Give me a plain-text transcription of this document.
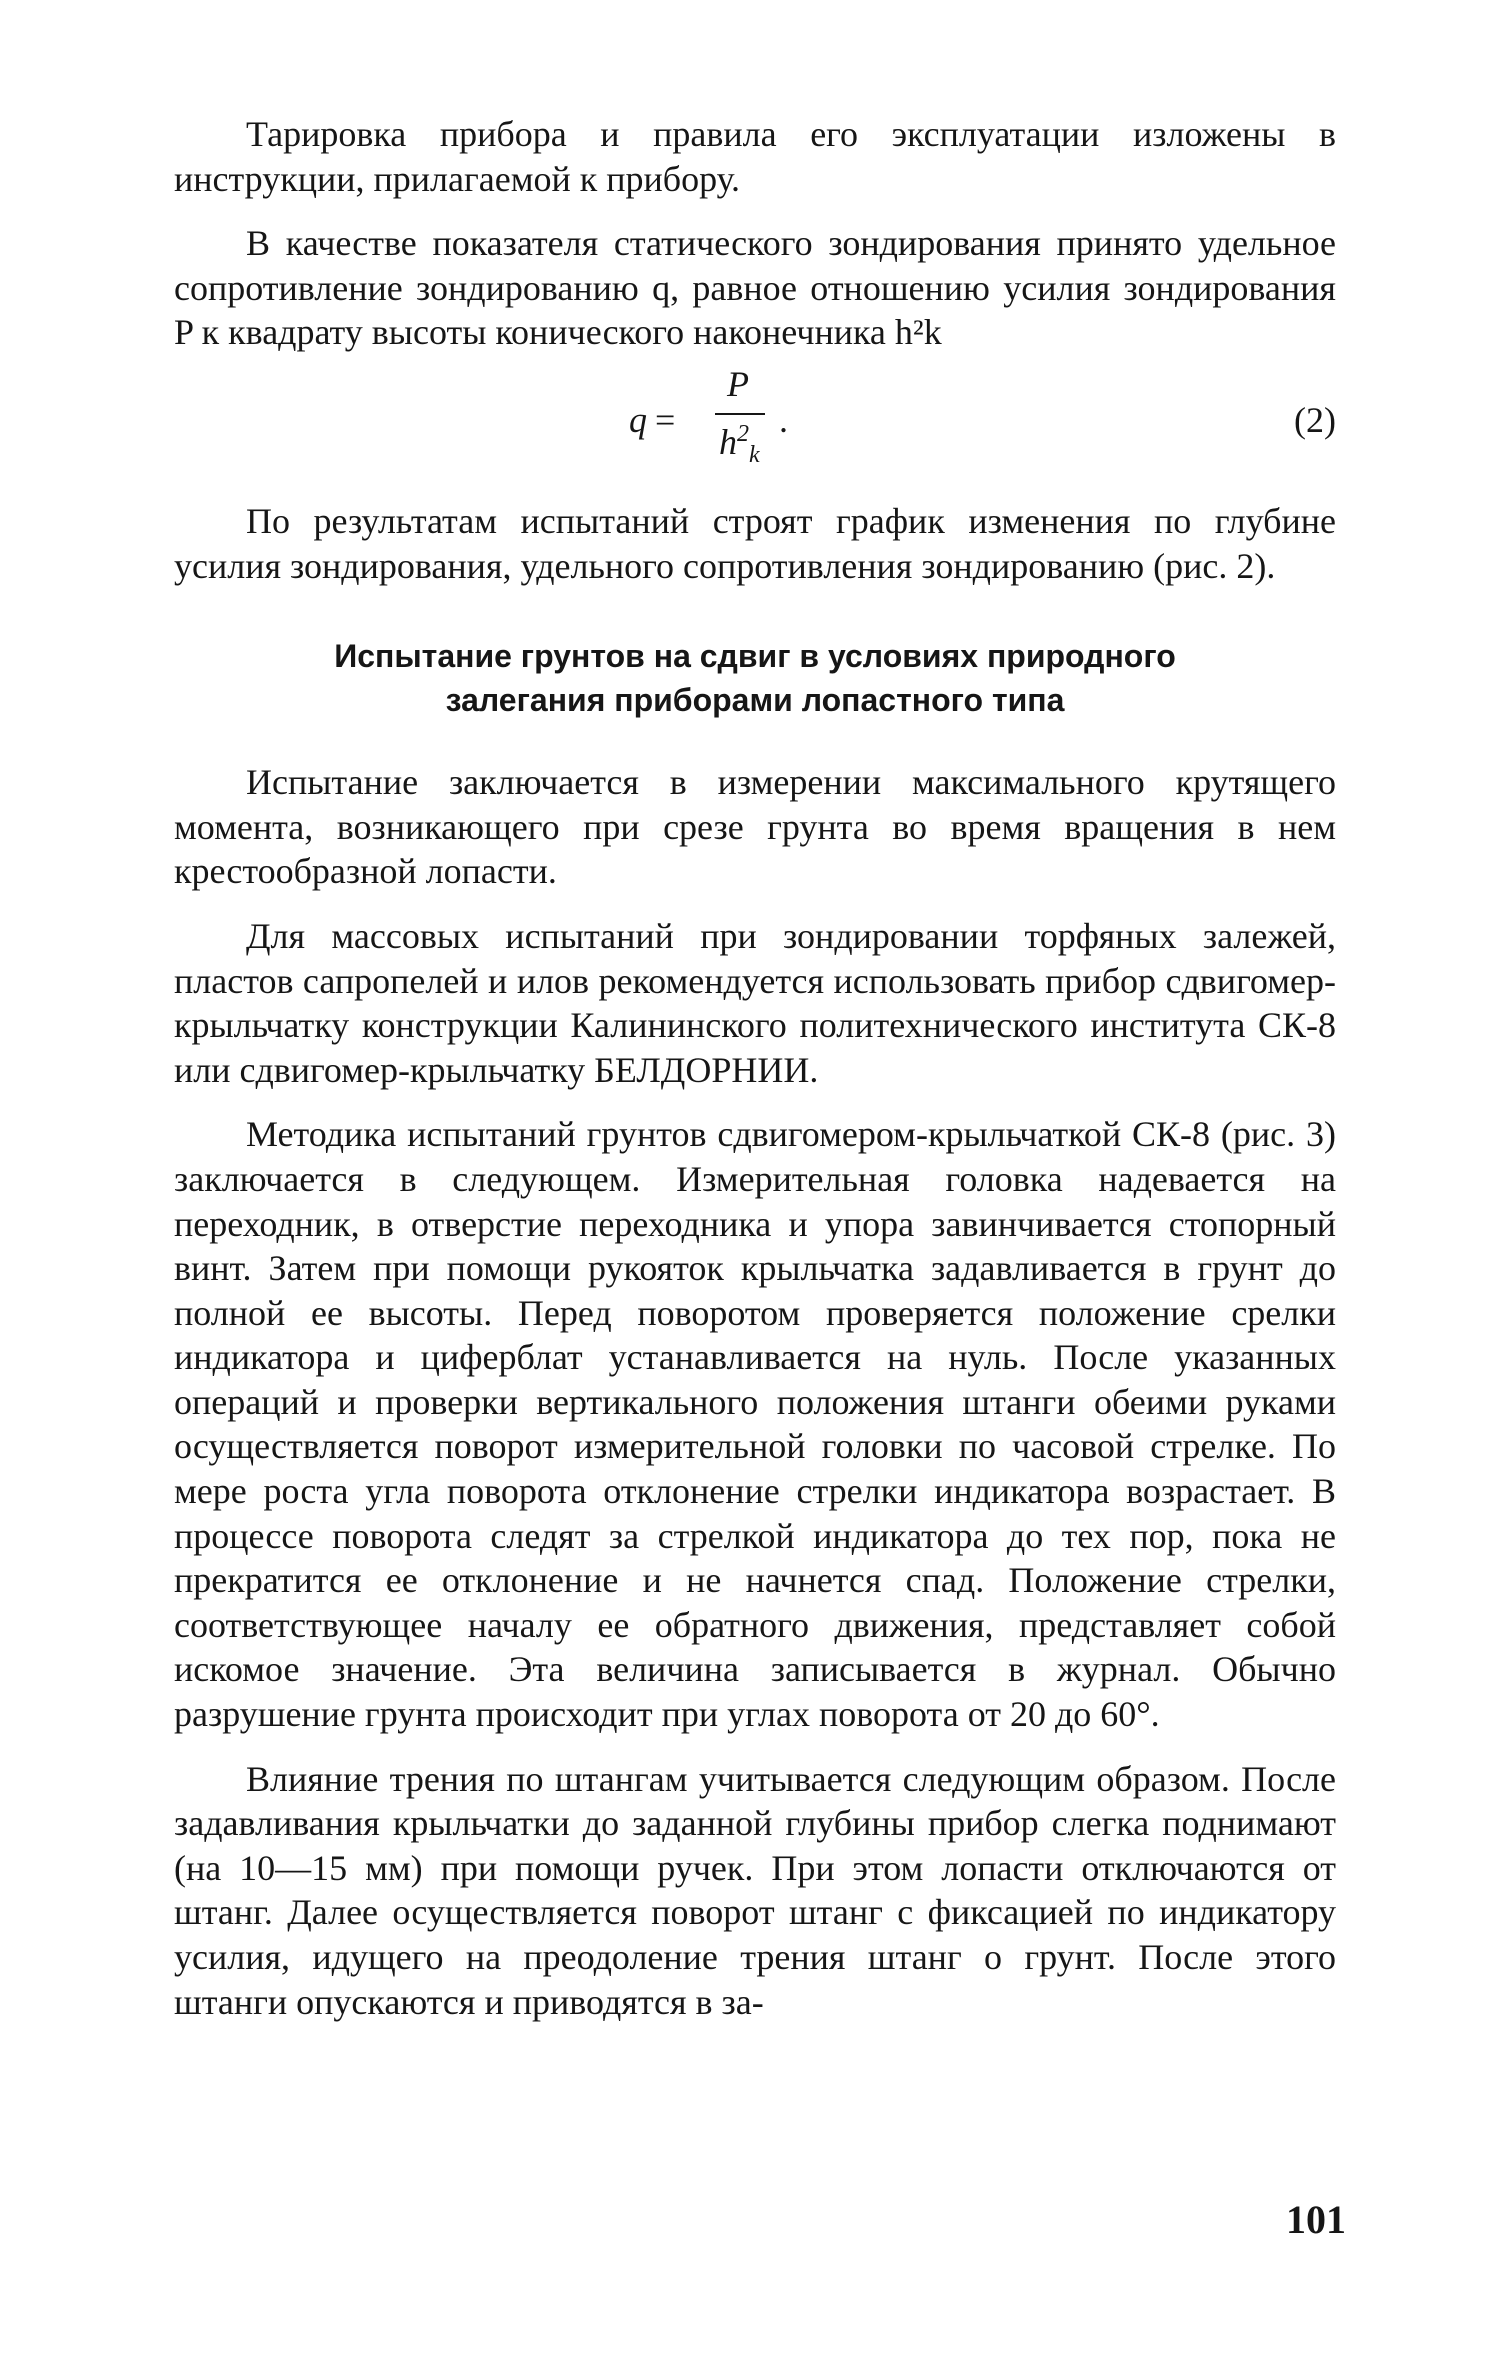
Тарировка прибора и правила его эксплуатации изложены в инструкции, прилагаемой к прибору.

В качестве показателя статического зондирования принято удельное сопротивление зондированию q, равное отношению усилия зондирования P к квадрату высоты конического наконечника h²k

q =
P
$h^2_k$
.	(2)

По результатам испытаний строят график изменения по глубине усилия зондирования, удельного сопротивления зондированию (рис. 2).

Испытание грунтов на сдвиг в условиях природного
залегания приборами лопастного типа

Испытание заключается в измерении максимального крутящего момента, возникающего при срезе грунта во время вращения в нем крестообразной лопасти.

Для массовых испытаний при зондировании торфяных залежей, пластов сапропелей и илов рекомендуется использовать прибор сдвигомер-крыльчатку конструкции Калининского политехнического института СК-8 или сдвигомер-крыльчатку БЕЛДОРНИИ.

Методика испытаний грунтов сдвигомером-крыльчаткой СК-8 (рис. 3) заключается в следующем. Измерительная головка надевается на переходник, в отверстие переходника и упора завинчивается стопорный винт. Затем при помощи рукояток крыльчатка задавливается в грунт до полной ее высоты. Перед поворотом проверяется положение срелки индикатора и циферблат устанавливается на нуль. После указанных операций и проверки вертикального положения штанги обеими руками осуществляется поворот измерительной головки по часовой стрелке. По мере роста угла поворота отклонение стрелки индикатора возрастает. В процессе поворота следят за стрелкой индикатора до тех пор, пока не прекратится ее отклонение и не начнется спад. Положение стрелки, соответствующее началу ее обратного движения, представляет собой искомое значение. Эта величина записывается в журнал. Обычно разрушение грунта происходит при углах поворота от 20 до 60°.

Влияние трения по штангам учитывается следующим образом. После задавливания крыльчатки до заданной глубины прибор слегка поднимают (на 10—15 мм) при помощи ручек. При этом лопасти отключаются от штанг. Далее осуществляется поворот штанг с фиксацией по индикатору усилия, идущего на преодоление трения штанг о грунт. После этого штанги опускаются и приводятся в за-

101
